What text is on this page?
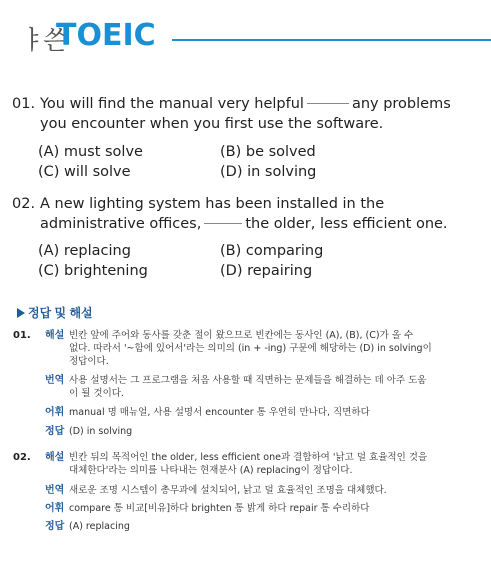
ㅑ쓴
TOEIC
01. You will find the manual very helpful	any problems
you encounter when you first use the software.
(A) must solve	(B) be solved
(C) will solve	(D) in solving
02. A new lighting system has been installed in the
administrative offices,	the older, less efficient one.
(A) replacing	(B) comparing
(C) brightening	(D) repairing
정답 및 해설
01. 해설 빈칸 앞에 주어와 동사를 갖춘 절이 왔으므로 빈칸에는 동사인 (A), (B), (C)가 올 수
없다. 따라서 '~함에 있어서'라는 의미의 (in + -ing) 구문에 해당하는 (D) in solving이
정답이다.
번역 사용 설명서는 그 프로그램을 처음 사용할 때 직면하는 문제들을 해결하는 데 아주 도움
이 될 것이다.
어휘 manual 명 매뉴얼, 사용 설명서 encounter 통 우연히 만나다, 직면하다
정답 (D) in solving
02. 해설 빈칸 뒤의 목적어인 the older, less efficient one과 결합하여 '낡고 덜 효율적인 것을
대체한다'라는 의미를 나타내는 현재분사 (A) replacing이 정답이다.
번역 새로운 조명 시스템이 총무과에 설치되어, 낡고 덜 효율적인 조명을 대체했다.
어휘 compare 통 비교[비유]하다 brighten 통 밝게 하다 repair 통 수리하다
정답 (A) replacing
